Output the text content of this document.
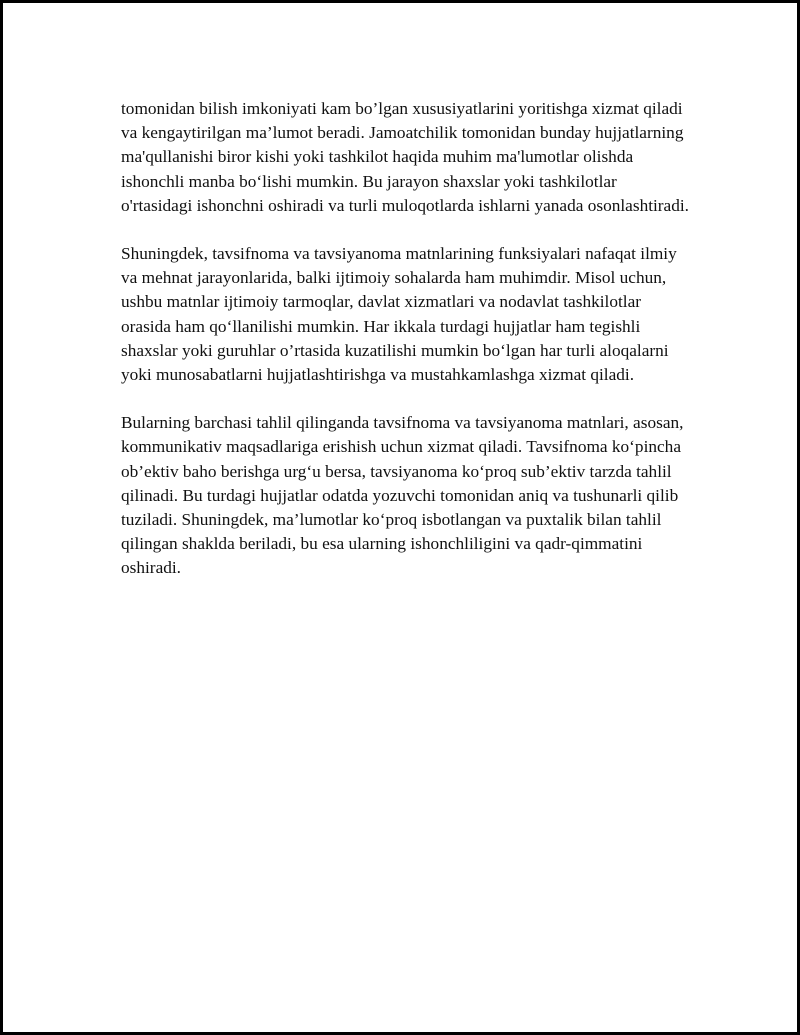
tomonidan bilish imkoniyati kam bo’lgan xususiyatlarini yoritishga xizmat qiladi va kengaytirilgan ma’lumot beradi. Jamoatchilik tomonidan bunday hujjatlarning ma'qullanishi biror kishi yoki tashkilot haqida muhim ma'lumotlar olishda ishonchli manba bo‘lishi mumkin. Bu jarayon shaxslar yoki tashkilotlar o'rtasidagi ishonchni oshiradi va turli muloqotlarda ishlarni yanada osonlashtiradi.

Shuningdek, tavsifnoma va tavsiyanoma matnlarining funksiyalari nafaqat ilmiy va mehnat jarayonlarida, balki ijtimoiy sohalarda ham muhimdir. Misol uchun, ushbu matnlar ijtimoiy tarmoqlar, davlat xizmatlari va nodavlat tashkilotlar orasida ham qo‘llanilishi mumkin. Har ikkala turdagi hujjatlar ham tegishli shaxslar yoki guruhlar o’rtasida kuzatilishi mumkin bo‘lgan har turli aloqalarni yoki munosabatlarni hujjatlashtirishga va mustahkamlashga xizmat qiladi.

Bularning barchasi tahlil qilinganda tavsifnoma va tavsiyanoma matnlari, asosan, kommunikativ maqsadlariga erishish uchun xizmat qiladi. Tavsifnoma ko‘pincha ob’ektiv baho berishga urg‘u bersa, tavsiyanoma ko‘proq sub’ektiv tarzda tahlil qilinadi. Bu turdagi hujjatlar odatda yozuvchi tomonidan aniq va tushunarli qilib tuziladi. Shuningdek, ma’lumotlar ko‘proq isbotlangan va puxtalik bilan tahlil qilingan shaklda beriladi, bu esa ularning ishonchliligini va qadr-qimmatini oshiradi.
